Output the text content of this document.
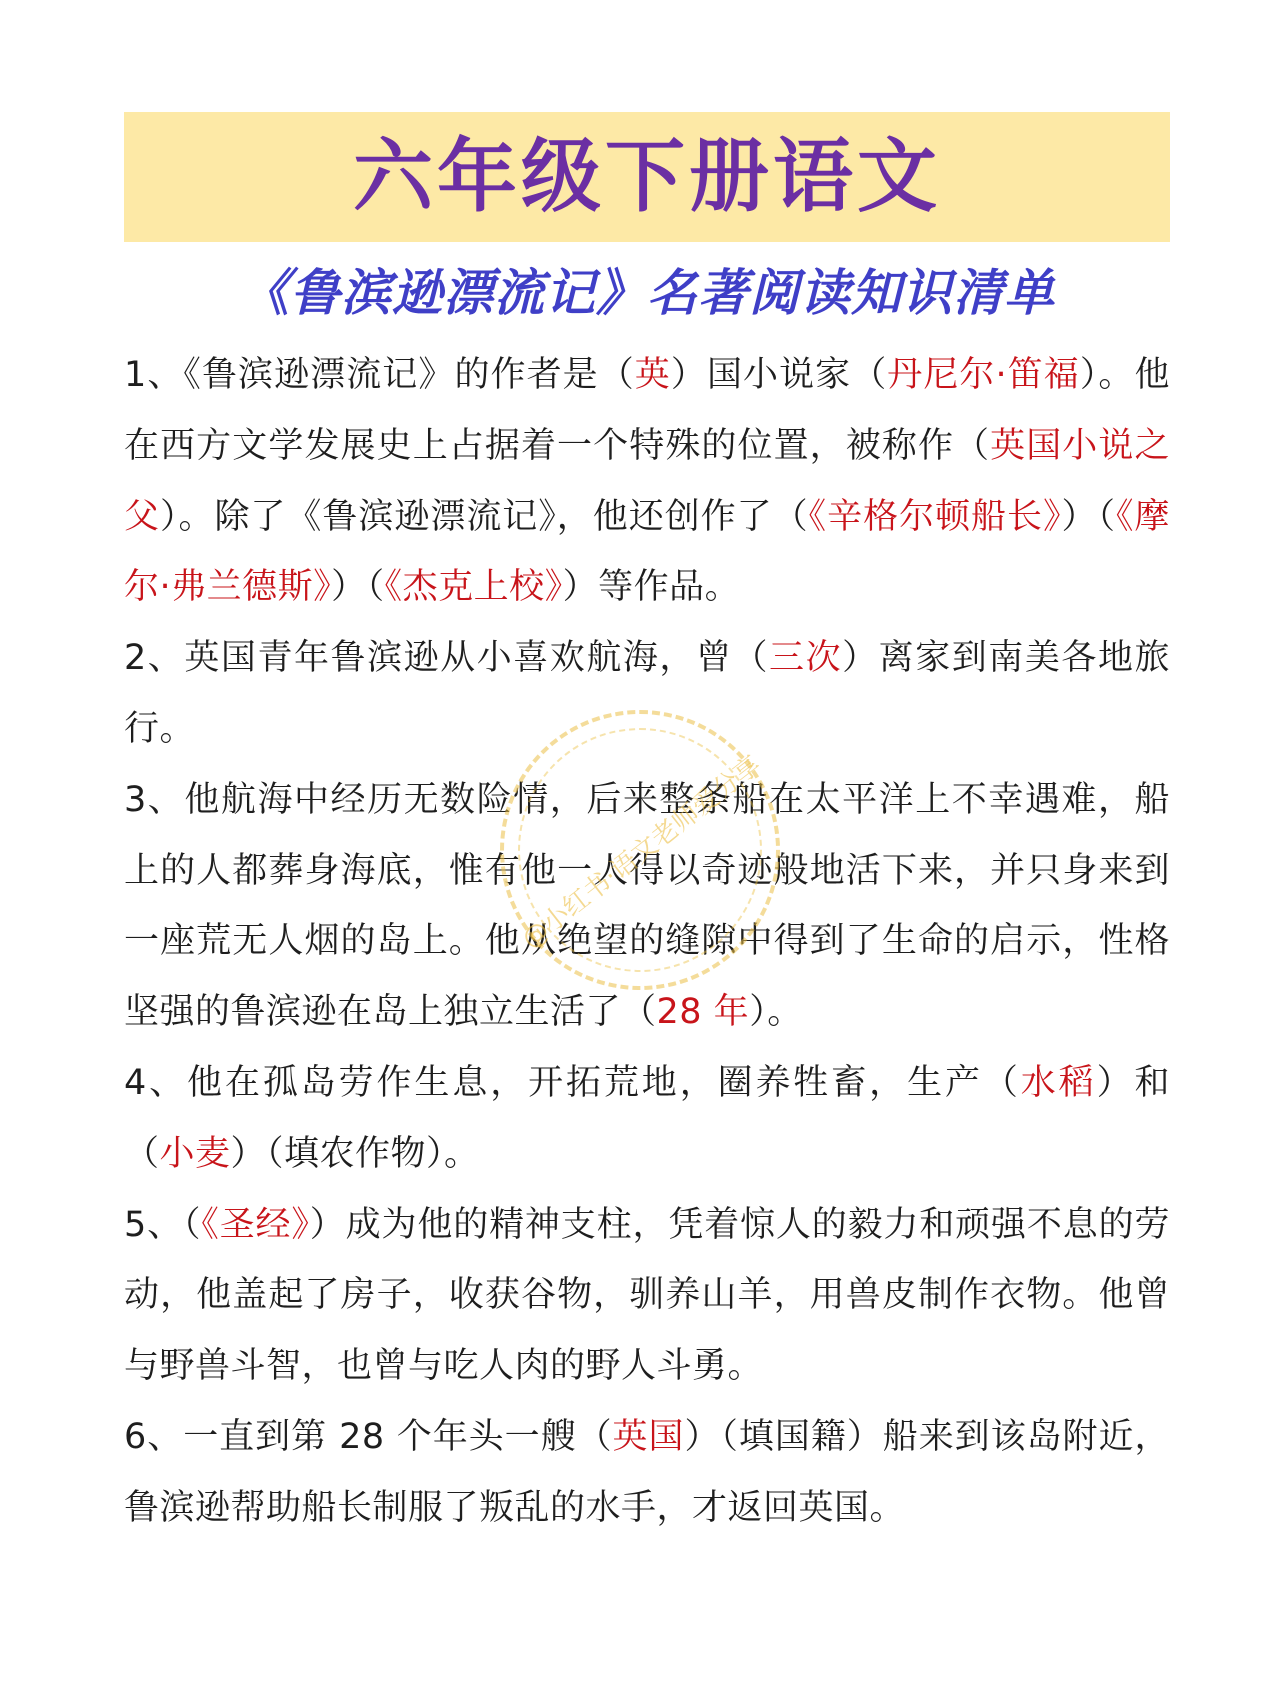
六年级下册语文
《鲁滨逊漂流记》名著阅读知识清单
1、《鲁滨逊漂流记》的作者是（英）国小说家（丹尼尔·笛福）。他在西方文学发展史上占据着一个特殊的位置，被称作（英国小说之父）。除了《鲁滨逊漂流记》，他还创作了（《辛格尔顿船长》）（《摩尔·弗兰德斯》）（《杰克上校》）等作品。
2、英国青年鲁滨逊从小喜欢航海，曾（三次）离家到南美各地旅行。
3、他航海中经历无数险情，后来整条船在太平洋上不幸遇难，船上的人都葬身海底，惟有他一人得以奇迹般地活下来，并只身来到一座荒无人烟的岛上。他从绝望的缝隙中得到了生命的启示，性格坚强的鲁滨逊在岛上独立生活了（28 年）。
4、他在孤岛劳作生息，开拓荒地，圈养牲畜，生产（水稻）和（小麦）（填农作物）。
5、（《圣经》）成为他的精神支柱，凭着惊人的毅力和顽强不息的劳动，他盖起了房子，收获谷物，驯养山羊，用兽皮制作衣物。他曾与野兽斗智，也曾与吃人肉的野人斗勇。
6、一直到第 28 个年头一艘（英国）（填国籍）船来到该岛附近，鲁滨逊帮助船长制服了叛乱的水手，才返回英国。
@小红书·语文老师爱分享
